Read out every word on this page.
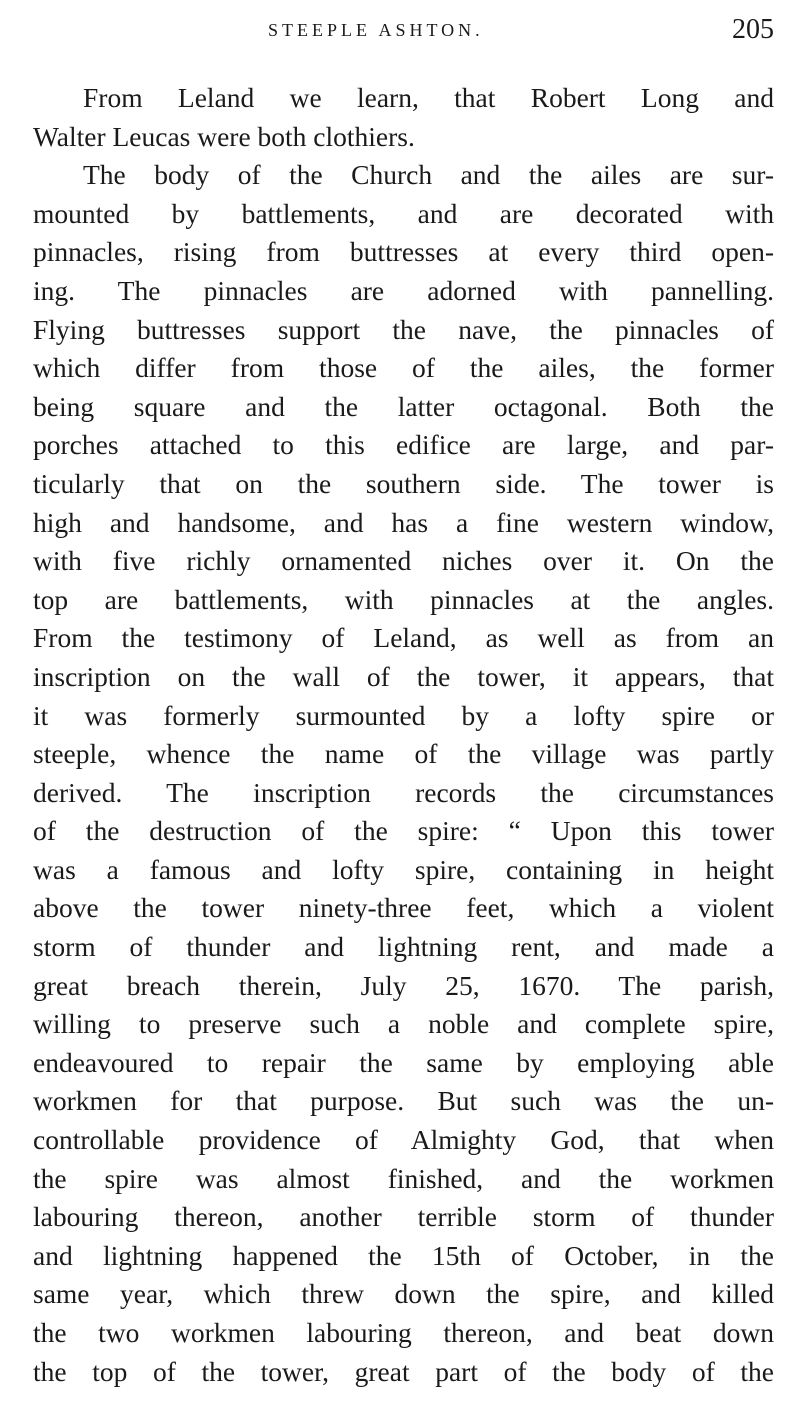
STEEPLE ASHTON.	205
From Leland we learn, that Robert Long and
Walter Leucas were both clothiers.
The body of the Church and the ailes are sur-
mounted by battlements, and are decorated with
pinnacles, rising from buttresses at every third open-
ing. The pinnacles are adorned with pannelling.
Flying buttresses support the nave, the pinnacles of
which differ from those of the ailes, the former
being square and the latter octagonal. Both the
porches attached to this edifice are large, and par-
ticularly that on the southern side. The tower is
high and handsome, and has a fine western window,
with five richly ornamented niches over it. On the
top are battlements, with pinnacles at the angles.
From the testimony of Leland, as well as from an
inscription on the wall of the tower, it appears, that
it was formerly surmounted by a lofty spire or
steeple, whence the name of the village was partly
derived. The inscription records the circumstances
of the destruction of the spire: “ Upon this tower
was a famous and lofty spire, containing in height
above the tower ninety-three feet, which a violent
storm of thunder and lightning rent, and made a
great breach therein, July 25, 1670. The parish,
willing to preserve such a noble and complete spire,
endeavoured to repair the same by employing able
workmen for that purpose. But such was the un-
controllable providence of Almighty God, that when
the spire was almost finished, and the workmen
labouring thereon, another terrible storm of thunder
and lightning happened the 15th of October, in the
same year, which threw down the spire, and killed
the two workmen labouring thereon, and beat down
the top of the tower, great part of the body of the
